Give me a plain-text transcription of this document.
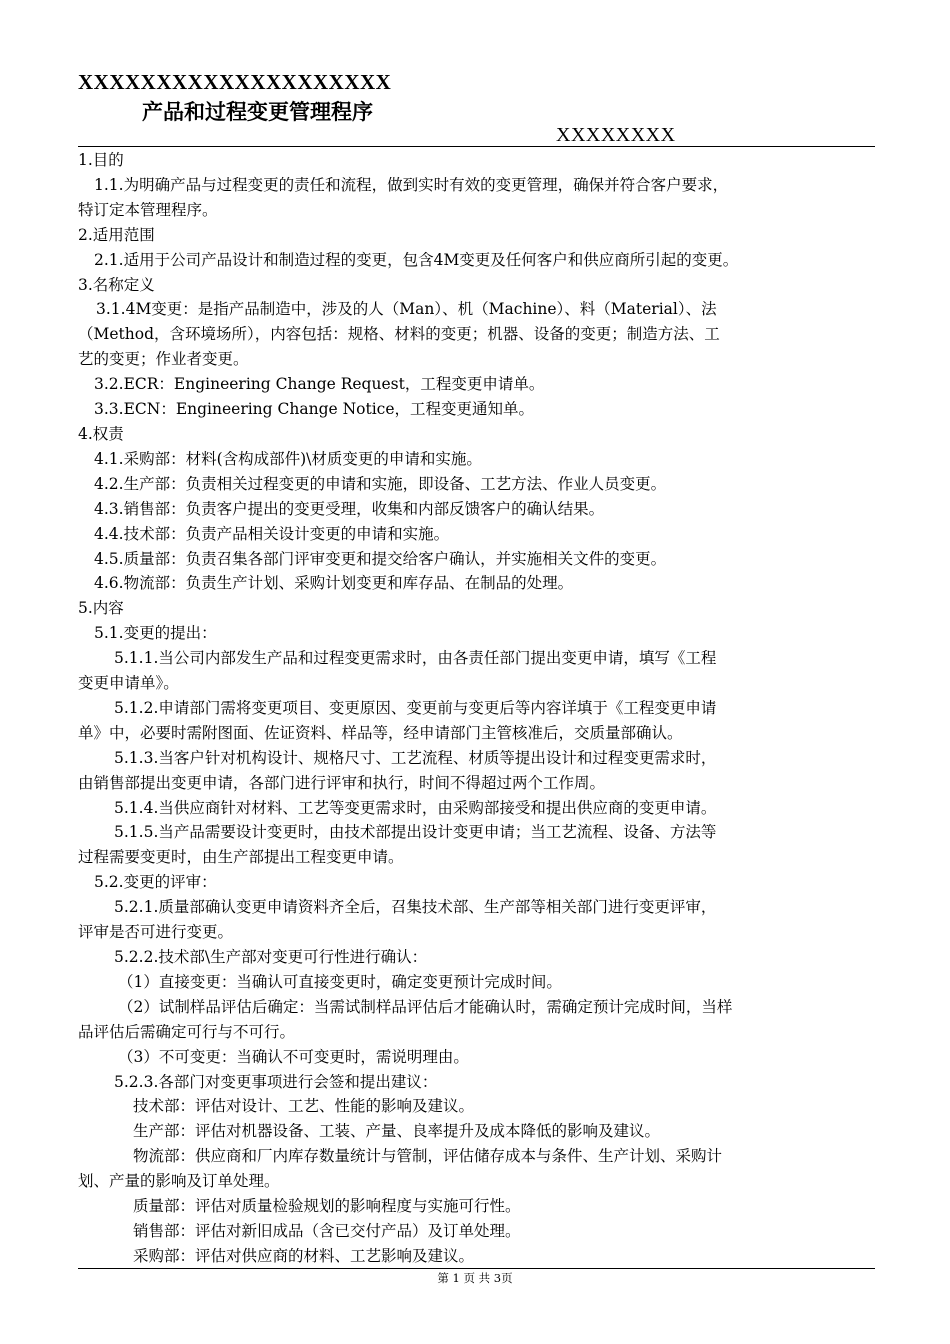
XXXXXXXXXXXXXXXXXXXX
产品和过程变更管理程序
XXXXXXXX
1.目的
1.1.为明确产品与过程变更的责任和流程，做到实时有效的变更管理，确保并符合客户要求，
特订定本管理程序。
2.适用范围
2.1.适用于公司产品设计和制造过程的变更，包含4M变更及任何客户和供应商所引起的变更。
3.名称定义
3.1.4M变更：是指产品制造中，涉及的人（Man）、机（Machine）、料（Material）、法
（Method，含环境场所），内容包括：规格、材料的变更；机器、设备的变更；制造方法、工
艺的变更；作业者变更。
3.2.ECR：Engineering Change Request，工程变更申请单。
3.3.ECN：Engineering Change Notice，工程变更通知单。
4.权责
4.1.采购部：材料(含构成部件)\材质变更的申请和实施。
4.2.生产部：负责相关过程变更的申请和实施，即设备、工艺方法、作业人员变更。
4.3.销售部：负责客户提出的变更受理，收集和内部反馈客户的确认结果。
4.4.技术部：负责产品相关设计变更的申请和实施。
4.5.质量部：负责召集各部门评审变更和提交给客户确认，并实施相关文件的变更。
4.6.物流部：负责生产计划、采购计划变更和库存品、在制品的处理。
5.内容
5.1.变更的提出：
5.1.1.当公司内部发生产品和过程变更需求时，由各责任部门提出变更申请，填写《工程
变更申请单》。
5.1.2.申请部门需将变更项目、变更原因、变更前与变更后等内容详填于《工程变更申请
单》中，必要时需附图面、佐证资料、样品等，经申请部门主管核准后，交质量部确认。
5.1.3.当客户针对机构设计、规格尺寸、工艺流程、材质等提出设计和过程变更需求时，
由销售部提出变更申请，各部门进行评审和执行，时间不得超过两个工作周。
5.1.4.当供应商针对材料、工艺等变更需求时，由采购部接受和提出供应商的变更申请。
5.1.5.当产品需要设计变更时，由技术部提出设计变更申请；当工艺流程、设备、方法等
过程需要变更时，由生产部提出工程变更申请。
5.2.变更的评审：
5.2.1.质量部确认变更申请资料齐全后，召集技术部、生产部等相关部门进行变更评审，
评审是否可进行变更。
5.2.2.技术部\生产部对变更可行性进行确认：
（1）直接变更：当确认可直接变更时，确定变更预计完成时间。
（2）试制样品评估后确定：当需试制样品评估后才能确认时，需确定预计完成时间，当样
品评估后需确定可行与不可行。
（3）不可变更：当确认不可变更时，需说明理由。
5.2.3.各部门对变更事项进行会签和提出建议：
技术部：评估对设计、工艺、性能的影响及建议。
生产部：评估对机器设备、工装、产量、良率提升及成本降低的影响及建议。
物流部：供应商和厂内库存数量统计与管制，评估储存成本与条件、生产计划、采购计
划、产量的影响及订单处理。
质量部：评估对质量检验规划的影响程度与实施可行性。
销售部：评估对新旧成品（含已交付产品）及订单处理。
采购部：评估对供应商的材料、工艺影响及建议。
第 1 页 共 3页
